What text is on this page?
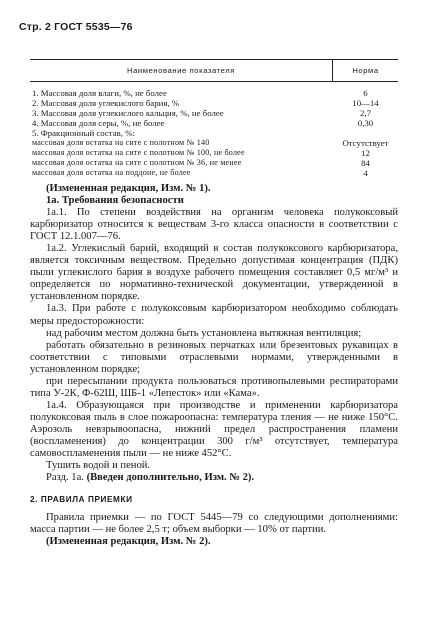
Стр. 2 ГОСТ 5535—76
Наименование показателя	Норма
1. Массовая доля влаги, %, не более	6
2. Массовая доля углекислого бария, %	10—14
3. Массовая доля углекислого кальция, %, не более	2,7
4. Массовая доля серы, %, не более	0,30
5. Фракционный состав, %:
массовая доля остатка на сите с полотном № 140	Отсутствует
массовая доля остатка на сите с полотном № 100, не более	12
массовая доля остатка на сите с полотном № 36, не менее	84
массовая доля остатка на поддоне, не более	4

(Измененная редакция, Изм. № 1).

1а. Требования безопасности

1а.1. По степени воздействия на организм человека полукоксовый карбюризатор относится к веществам 3-го класса опасности в соответствии с ГОСТ 12.1.007—76.

1а.2. Углекислый барий, входящий в состав полукоксового карбюризатора, является токсичным веществом. Предельно допустимая концентрация (ПДК) пыли углекислого бария в воздухе рабочего помещения составляет 0,5 мг/м³ и определяется по нормативно-технической документации, утвержденной в установленном порядке.

1а.3. При работе с полукоксовым карбюризатором необходимо соблюдать меры предосторожности:

над рабочим местом должна быть установлена вытяжная вентиляция;

работать обязательно в резиновых перчатках или брезентовых рукавицах в соответствии с типовыми отраслевыми нормами, утвержденными в установленном порядке;

при пересыпании продукта пользоваться противопылевыми респираторами типа У-2К, Ф-62Ш, ШБ-1 «Лепесток» или «Кама».

1а.4. Образующаяся при производстве и применении карбюризатора полукоксовая пыль в слое пожароопасна: температура тления — не ниже 150°С. Аэрозоль невзрывоопасна, нижний предел распространения пламени (воспламенения) до концентрации 300 г/м³ отсутствует, температура самовоспламенения пыли — не ниже 452°С.

Тушить водой и пеной.

Разд. 1а. (Введен дополнительно, Изм. № 2).

2. ПРАВИЛА ПРИЕМКИ

Правила приемки — по ГОСТ 5445—79 со следующими дополнениями: масса партии — не более 2,5 т; объем выборки — 10% от партии.

(Измененная редакция, Изм. № 2).
